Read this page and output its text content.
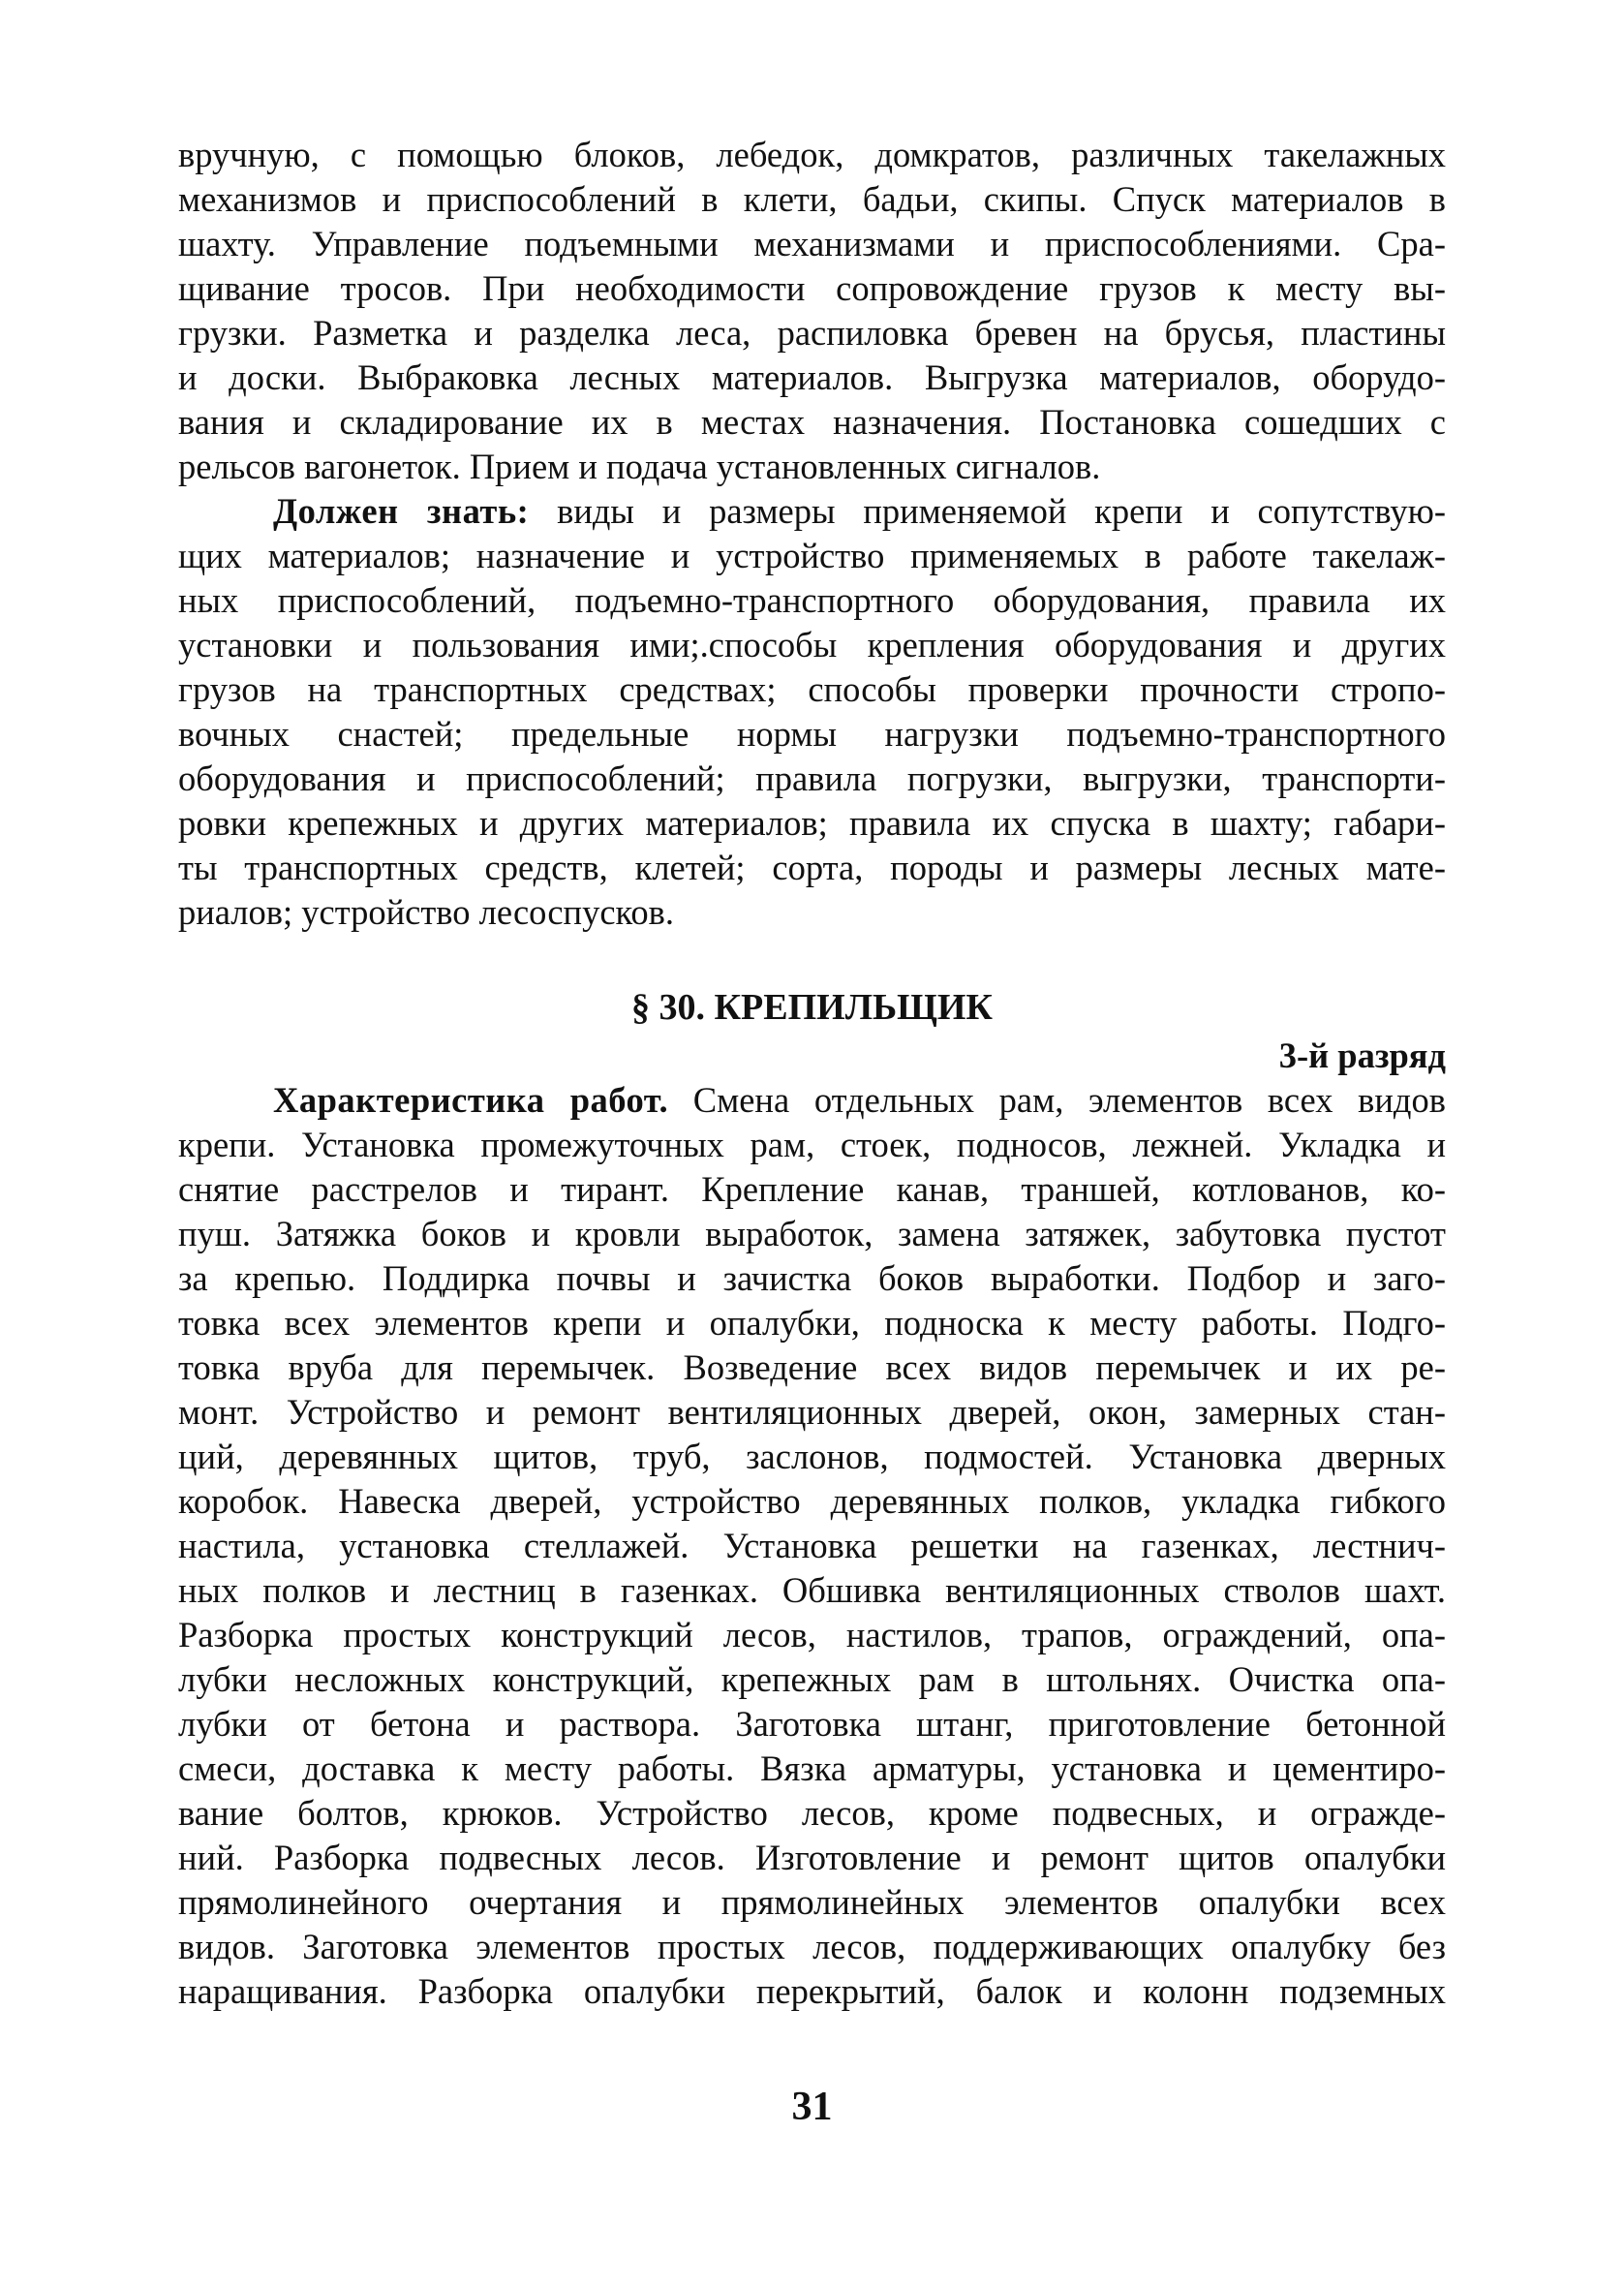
вручную, с помощью блоков, лебедок, домкратов, различных такелажных
механизмов и приспособлений в клети, бадьи, скипы. Спуск материалов в
шахту. Управление подъемными механизмами и приспособлениями. Сра-
щивание тросов. При необходимости сопровождение грузов к месту вы-
грузки. Разметка и разделка леса, распиловка бревен на брусья, пластины
и доски. Выбраковка лесных материалов. Выгрузка материалов, оборудо-
вания и складирование их в местах назначения. Постановка сошедших с
рельсов вагонеток. Прием и подача установленных сигналов.
Должен знать: виды и размеры применяемой крепи и сопутствую-
щих материалов; назначение и устройство применяемых в работе такелаж-
ных приспособлений, подъемно-транспортного оборудования, правила их
установки и пользования ими;.способы крепления оборудования и других
грузов на транспортных средствах; способы проверки прочности стропо-
вочных снастей; предельные нормы нагрузки подъемно-транспортного
оборудования и приспособлений; правила погрузки, выгрузки, транспорти-
ровки крепежных и других материалов; правила их спуска в шахту; габари-
ты транспортных средств, клетей; сорта, породы и размеры лесных мате-
риалов; устройство лесоспусков.
§ 30. КРЕПИЛЬЩИК
3-й разряд
Характеристика работ. Смена отдельных рам, элементов всех видов
крепи. Установка промежуточных рам, стоек, подносов, лежней. Укладка и
снятие расстрелов и тирант. Крепление канав, траншей, котлованов, ко-
пуш. Затяжка боков и кровли выработок, замена затяжек, забутовка пустот
за крепью. Поддирка почвы и зачистка боков выработки. Подбор и заго-
товка всех элементов крепи и опалубки, подноска к месту работы. Подго-
товка вруба для перемычек. Возведение всех видов перемычек и их ре-
монт. Устройство и ремонт вентиляционных дверей, окон, замерных стан-
ций, деревянных щитов, труб, заслонов, подмостей. Установка дверных
коробок. Навеска дверей, устройство деревянных полков, укладка гибкого
настила, установка стеллажей. Установка решетки на газенках, лестнич-
ных полков и лестниц в газенках. Обшивка вентиляционных стволов шахт.
Разборка простых конструкций лесов, настилов, трапов, ограждений, опа-
лубки несложных конструкций, крепежных рам в штольнях. Очистка опа-
лубки от бетона и раствора. Заготовка штанг, приготовление бетонной
смеси, доставка к месту работы. Вязка арматуры, установка и цементиро-
вание болтов, крюков. Устройство лесов, кроме подвесных, и огражде-
ний. Разборка подвесных лесов. Изготовление и ремонт щитов опалубки
прямолинейного очертания и прямолинейных элементов опалубки всех
видов. Заготовка элементов простых лесов, поддерживающих опалубку без
наращивания. Разборка опалубки перекрытий, балок и колонн подземных
31
